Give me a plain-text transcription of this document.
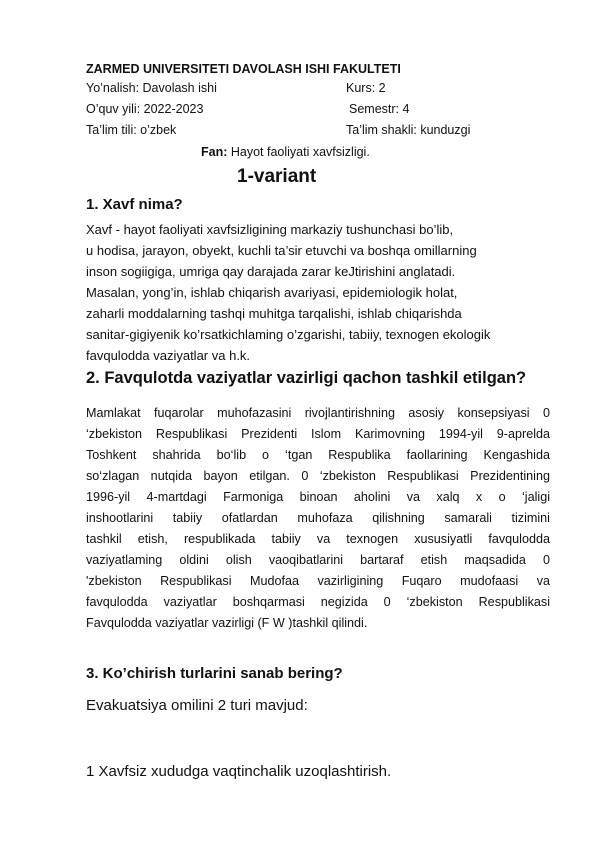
ZARMED UNIVERSITETI DAVOLASH ISHI FAKULTETI
Yo’nalish: Davolash ishi	Kurs: 2
O’quv yili: 2022-2023	Semestr: 4
Ta’lim tili: o’zbek	Ta’lim shakli: kunduzgi
Fan: Hayot faoliyati xavfsizligi.
1-variant
1. Xavf nima?
Xavf - hayot faoliyati xavfsizligining markaziy tushunchasi bo’lib,
u hodisa, jarayon, obyekt, kuchli ta’sir etuvchi va boshqa omillarning
inson sogiigiga, umriga qay darajada zarar keJtirishini anglatadi.
Masalan, yong’in, ishlab chiqarish avariyasi, epidemiologik holat,
zaharli moddalarning tashqi muhitga tarqalishi, ishlab chiqarishda
sanitar-gigiyenik ko’rsatkichlaming o’zgarishi, tabiiy, texnogen ekologik
favqulodda vaziyatlar va h.k.
2. Favqulotda vaziyatlar vazirligi qachon tashkil etilgan?
Mamlakat fuqarolar muhofazasini rivojlantirishning asosiy konsepsiyasi 0
‘zbekiston Respublikasi Prezidenti Islom Karimovning 1994-yil 9-aprelda
Toshkent shahrida bo‘lib o ‘tgan Respublika faollarining Kengashida
so‘zlagan nutqida bayon etilgan. 0 ‘zbekiston Respublikasi Prezidentining
1996-yil 4-martdagi Farmoniga binoan aholini va xalq x o ‘jaligi
inshootlarini tabiiy ofatlardan muhofaza qilishning samarali tizimini
tashkil etish, respublikada tabiiy va texnogen xususiyatli favqulodda
vaziyatlaming oldini olish vaoqibatlarini bartaraf etish maqsadida 0
'zbekiston Respublikasi Mudofaa vazirligining Fuqaro mudofaasi va
favqulodda vaziyatlar boshqarmasi negizida 0 ‘zbekiston Respublikasi
Favqulodda vaziyatlar vazirligi (F W )tashkil qilindi.
3. Ko’chirish turlarini sanab bering?
Evakuatsiya omilini 2 turi mavjud:
1 Xavfsiz xududga vaqtinchalik uzoqlashtirish.
